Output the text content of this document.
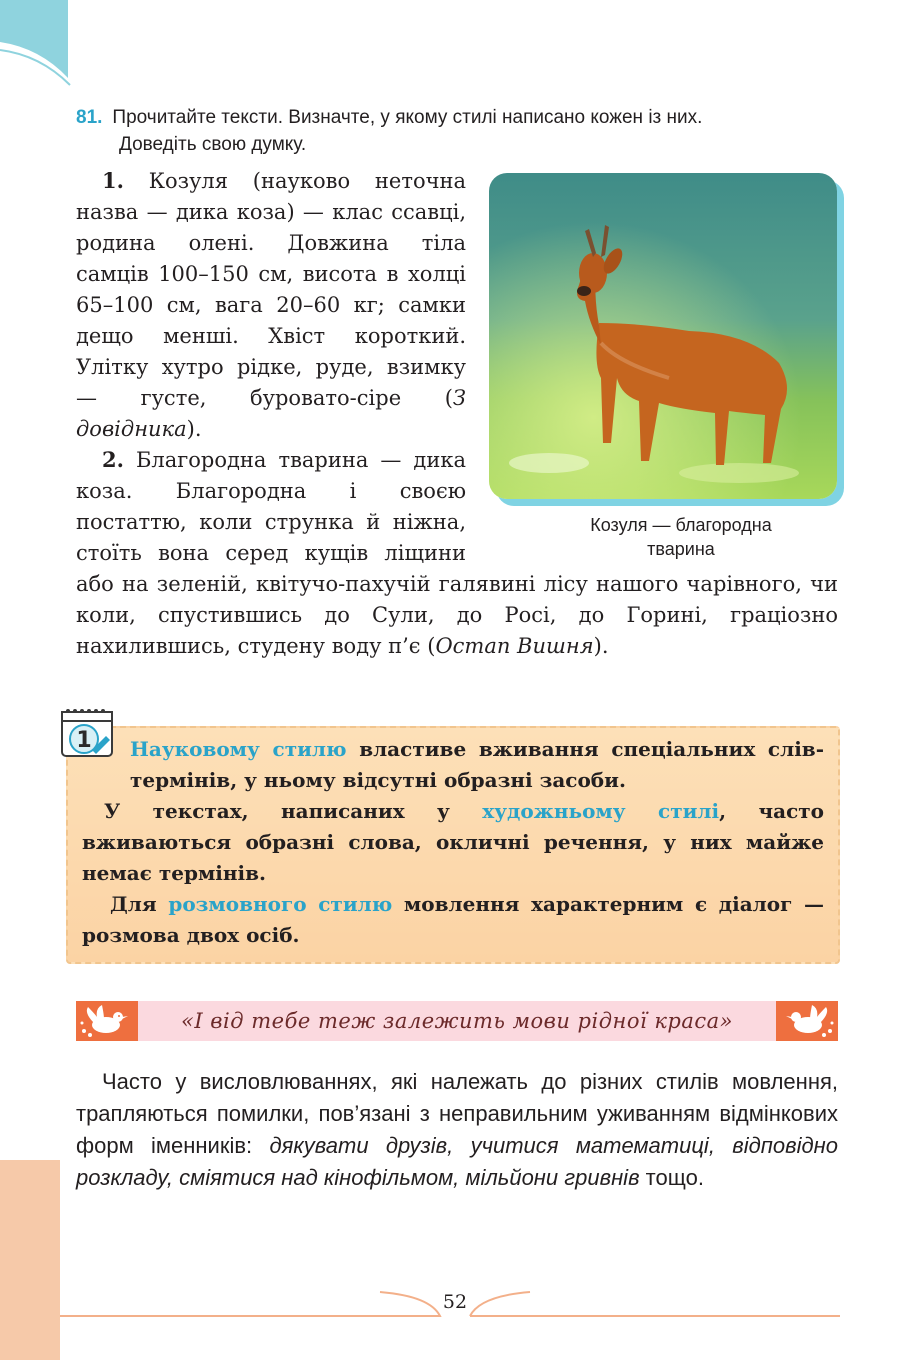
81. Прочитайте тексти. Визначте, у якому стилі написано кожен із них.
Доведіть свою думку.
Козуля — благородна
тварина

1. Козуля (науково неточна назва — дика коза) — клас ссавці, родина олені. Довжина тіла самців 100–150 см, висота в холці 65–100 см, вага 20–60 кг; самки дещо менші. Хвіст короткий. Улітку хутро рідке, руде, взимку — густе, буровато-сіре (З довідника).

2. Благородна тварина — дика коза. Благородна і своєю постаттю, коли струнка й ніжна, стоїть вона серед кущів ліщини або на зеленій, квітучо-пахучій галявині лісу нашого чарівного, чи коли, спустившись до Сули, до Росі, до Горині, граціозно нахилившись, студену воду п’є (Остап Вишня).

1	Науковому стилю властиве вживання спеціальних слів-термінів, у ньому відсутні образні засоби.

У текстах, написаних у художньому стилі, часто вживаються образні слова, окличні речення, у них майже немає термінів.

Для розмовного стилю мовлення характерним є діалог — розмова двох осіб.

«І від тебе теж залежить мови рідної краса»

Часто у висловлюваннях, які належать до різних стилів мовлення, трапляються помилки, пов’язані з неправильним уживанням відмінкових форм іменників: дякувати друзів, учитися математиці, відповідно розкладу, сміятися над кінофільмом, мільйони гривнів тощо.

52
